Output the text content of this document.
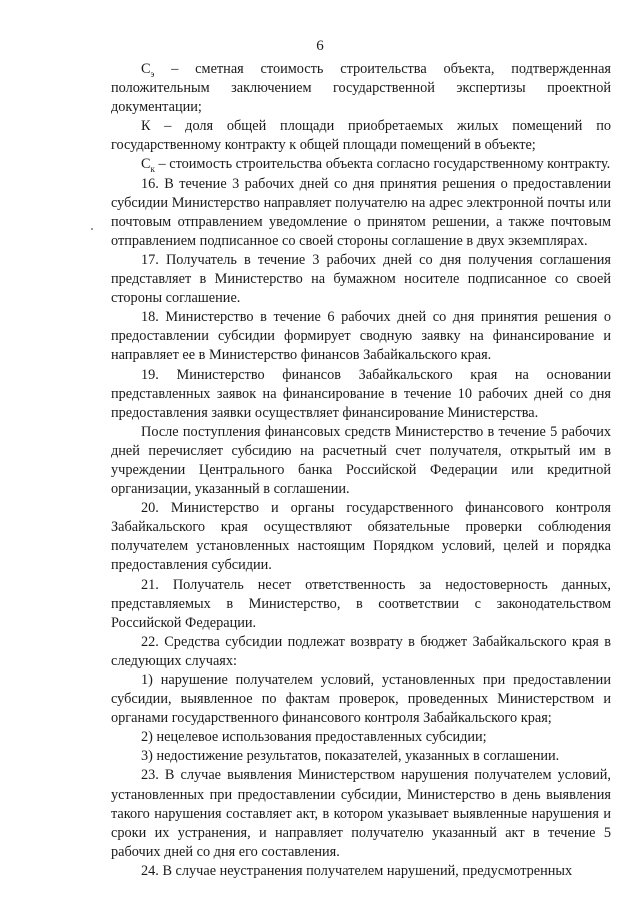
6

$С_э$ – сметная стоимость строительства объекта, подтвержденная положительным заключением государственной экспертизы проектной документации;

К – доля общей площади приобретаемых жилых помещений по государственному контракту к общей площади помещений в объекте;

$С_к$ – стоимость строительства объекта согласно государственному контракту.

16. В течение 3 рабочих дней со дня принятия решения о предоставлении субсидии Министерство направляет получателю на адрес электронной почты или почтовым отправлением уведомление о принятом решении, а также почтовым отправлением подписанное со своей стороны соглашение в двух экземплярах.

17. Получатель в течение 3 рабочих дней со дня получения соглашения представляет в Министерство на бумажном носителе подписанное со своей стороны соглашение.

18. Министерство в течение 6 рабочих дней со дня принятия решения о предоставлении субсидии формирует сводную заявку на финансирование и направляет ее в Министерство финансов Забайкальского края.

19. Министерство финансов Забайкальского края на основании представленных заявок на финансирование в течение 10 рабочих дней со дня предоставления заявки осуществляет финансирование Министерства.

После поступления финансовых средств Министерство в течение 5 рабочих дней перечисляет субсидию на расчетный счет получателя, открытый им в учреждении Центрального банка Российской Федерации или кредитной организации, указанный в соглашении.

20. Министерство и органы государственного финансового контроля Забайкальского края осуществляют обязательные проверки соблюдения получателем установленных настоящим Порядком условий, целей и порядка предоставления субсидии.

21. Получатель несет ответственность за недостоверность данных, представляемых в Министерство, в соответствии с законодательством Российской Федерации.

22. Средства субсидии подлежат возврату в бюджет Забайкальского края в следующих случаях:

1) нарушение получателем условий, установленных при предоставлении субсидии, выявленное по фактам проверок, проведенных Министерством и органами государственного финансового контроля Забайкальского края;

2) нецелевое использования предоставленных субсидии;

3) недостижение результатов, показателей, указанных в соглашении.

23. В случае выявления Министерством нарушения получателем условий, установленных при предоставлении субсидии, Министерство в день выявления такого нарушения составляет акт, в котором указывает выявленные нарушения и сроки их устранения, и направляет получателю указанный акт в течение 5 рабочих дней со дня его составления.

24. В случае неустранения получателем нарушений, предусмотренных
